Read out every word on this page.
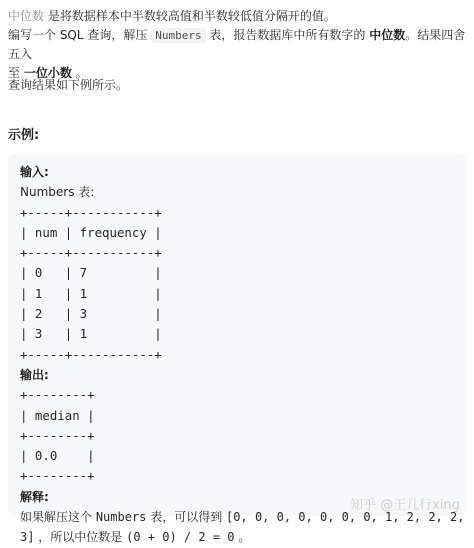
中位数 是将数据样本中半数较高值和半数较低值分隔开的值。

编写一个 SQL 查询，解压 Numbers 表，报告数据库中所有数字的 中位数。结果四舍五入

至 一位小数 。

查询结果如下例所示。
示例:
输入:
Numbers 表:
+-----+-----------+
| num | frequency |
+-----+-----------+
| 0   | 7         |
| 1   | 1         |
| 2   | 3         |
| 3   | 1         |
+-----+-----------+
输出:
+--------+
| median |
+--------+
| 0.0    |
+--------+
解释:
如果解压这个 Numbers 表，可以得到 [0, 0, 0, 0, 0, 0, 0, 1, 2, 2, 2,
3] ，所以中位数是 (0 + 0) / 2 = 0 。
知乎 @王几行xing
